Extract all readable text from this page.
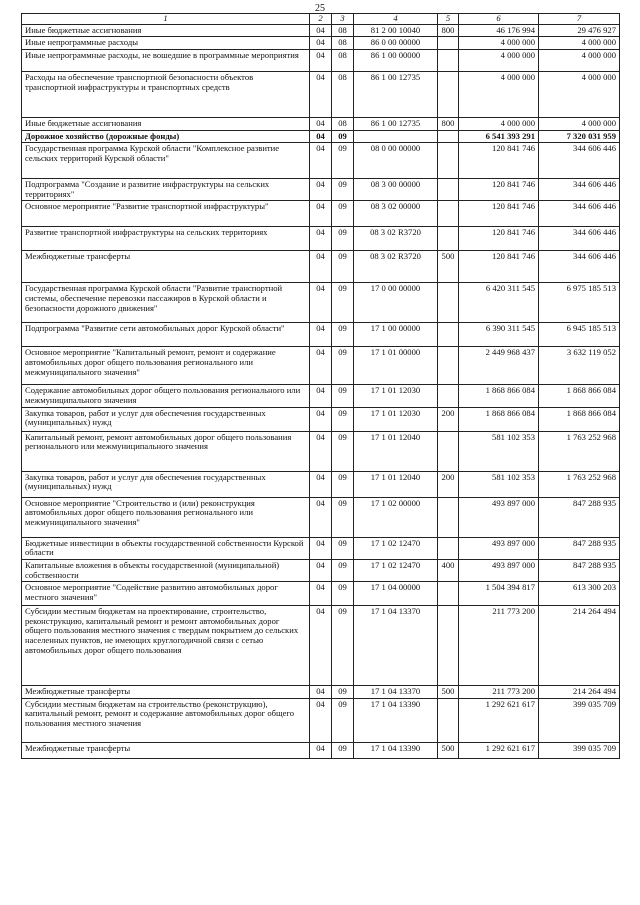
25
1	2	3	4	5	6	7
Иные бюджетные ассигнования	04	08	81 2 00 10040	800	46 176 994	29 476 927
Иные непрограммные расходы	04	08	86 0 00 00000		4 000 000	4 000 000
Иные непрограммные расходы, не вошедшие в программные мероприятия	04	08	86 1 00 00000		4 000 000	4 000 000
Расходы на обеспечение транспортной безопасности объектов транспортной инфраструктуры и транспортных средств	04	08	86 1 00 12735		4 000 000	4 000 000
Иные бюджетные ассигнования	04	08	86 1 00 12735	800	4 000 000	4 000 000
Дорожное хозяйство (дорожные фонды)	04	09			6 541 393 291	7 320 031 959
Государственная программа Курской области "Комплексное развитие сельских территорий Курской области"	04	09	08 0 00 00000		120 841 746	344 606 446
Подпрограмма "Создание и развитие инфраструктуры на сельских территориях"	04	09	08 3 00 00000		120 841 746	344 606 446
Основное мероприятие "Развитие транспортной инфраструктуры"	04	09	08 3 02 00000		120 841 746	344 606 446
Развитие транспортной инфраструктуры на сельских территориях	04	09	08 3 02 R3720		120 841 746	344 606 446
Межбюджетные трансферты	04	09	08 3 02 R3720	500	120 841 746	344 606 446
Государственная программа Курской области "Развитие транспортной системы, обеспечение перевозки пассажиров в Курской области и безопасности дорожного движения"	04	09	17 0 00 00000		6 420 311 545	6 975 185 513
Подпрограмма "Развитие сети автомобильных дорог Курской области"	04	09	17 1 00 00000		6 390 311 545	6 945 185 513
Основное мероприятие "Капитальный ремонт, ремонт и содержание автомобильных дорог общего пользования регионального или межмуниципального значения"	04	09	17 1 01 00000		2 449 968 437	3 632 119 052
Содержание автомобильных дорог общего пользования регионального или межмуниципального значения	04	09	17 1 01 12030		1 868 866 084	1 868 866 084
Закупка товаров, работ и услуг для обеспечения государственных (муниципальных) нужд	04	09	17 1 01 12030	200	1 868 866 084	1 868 866 084
Капитальный ремонт, ремонт автомобильных дорог общего пользования регионального или межмуниципального значения	04	09	17 1 01 12040		581 102 353	1 763 252 968
Закупка товаров, работ и услуг для обеспечения государственных (муниципальных) нужд	04	09	17 1 01 12040	200	581 102 353	1 763 252 968
Основное мероприятие "Строительство и (или) реконструкция автомобильных дорог общего пользования регионального или межмуниципального значения"	04	09	17 1 02 00000		493 897 000	847 288 935
Бюджетные инвестиции в объекты государственной собственности Курской области	04	09	17 1 02 12470		493 897 000	847 288 935
Капитальные вложения в объекты государственной (муниципальной) собственности	04	09	17 1 02 12470	400	493 897 000	847 288 935
Основное мероприятие "Содействие развитию автомобильных дорог местного значения"	04	09	17 1 04 00000		1 504 394 817	613 300 203
Субсидии местным бюджетам на проектирование, строительство, реконструкцию, капитальный ремонт и ремонт автомобильных дорог общего пользования местного значения с твердым покрытием до сельских населенных пунктов, не имеющих круглогодичной связи с сетью автомобильных дорог общего пользования	04	09	17 1 04 13370		211 773 200	214 264 494
Межбюджетные трансферты	04	09	17 1 04 13370	500	211 773 200	214 264 494
Субсидии местным бюджетам на строительство (реконструкцию), капитальный ремонт, ремонт и содержание автомобильных дорог общего пользования местного значения	04	09	17 1 04 13390		1 292 621 617	399 035 709
Межбюджетные трансферты	04	09	17 1 04 13390	500	1 292 621 617	399 035 709
